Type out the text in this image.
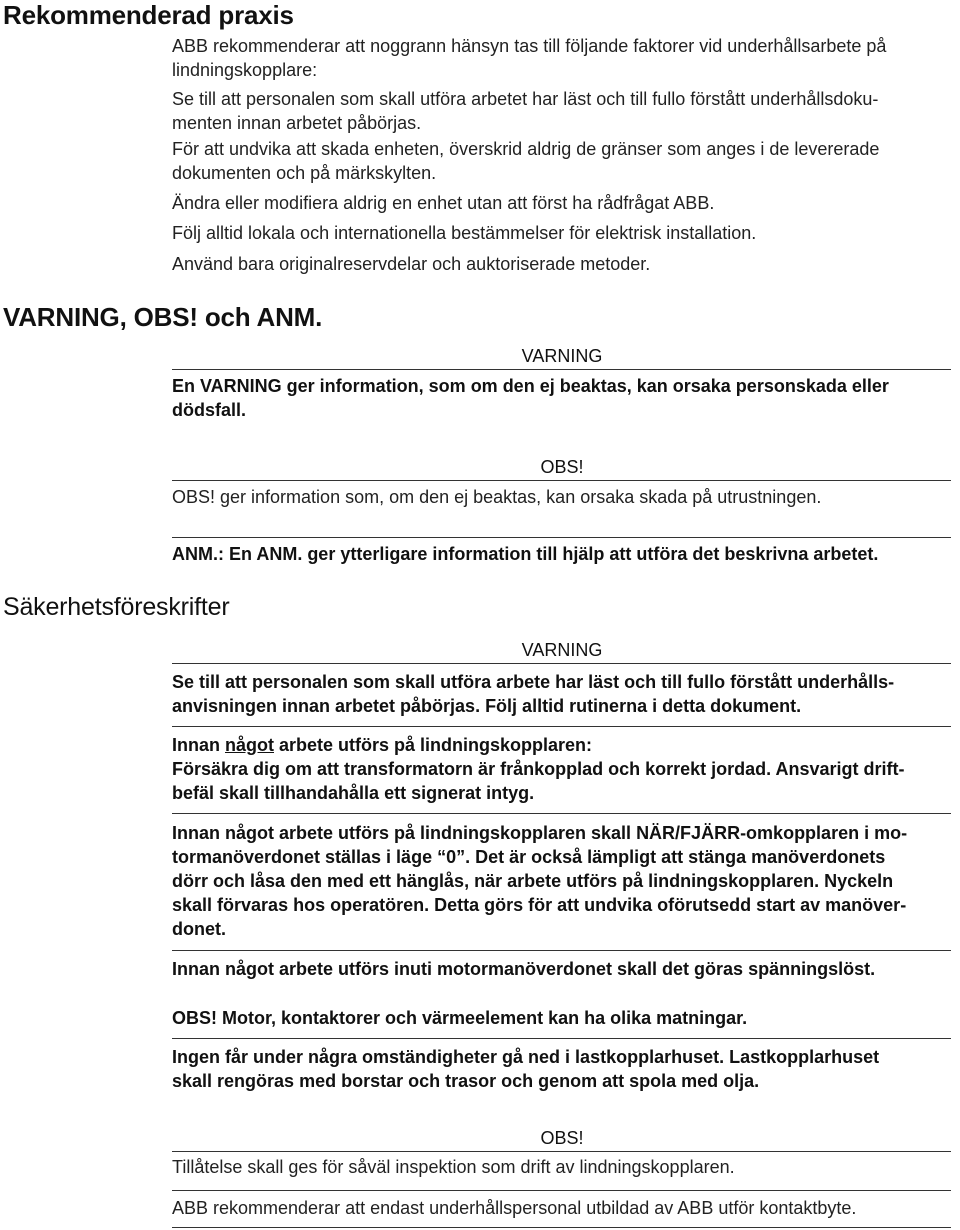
Rekommenderad praxis
VARNING, OBS! och ANM.
Säkerhetsföreskrifter

ABB rekommenderar att noggrann hänsyn tas till följande faktorer vid underhållsarbete på

lindningskopplare:

Se till att personalen som skall utföra arbetet har läst och till fullo förstått underhållsdoku-

menten innan arbetet påbörjas.

För att undvika att skada enheten, överskrid aldrig de gränser som anges i de levererade

dokumenten och på märkskylten.

Ändra eller modifiera aldrig en enhet utan att först ha rådfrågat ABB.

Följ alltid lokala och internationella bestämmelser för elektrisk installation.

Använd bara originalreservdelar och auktoriserade metoder.

VARNING

En VARNING ger information, som om den ej beaktas, kan orsaka personskada eller

dödsfall.

OBS!
OBS! ger information som, om den ej beaktas, kan orsaka skada på utrustningen.
ANM.: En ANM. ger ytterligare information till hjälp att utföra det beskrivna arbetet.
VARNING

Se till att personalen som skall utföra arbete har läst och till fullo förstått underhålls-

anvisningen innan arbetet påbörjas. Följ alltid rutinerna i detta dokument.

Innan något arbete utförs på lindningskopplaren:

Försäkra dig om att transformatorn är frånkopplad och korrekt jordad. Ansvarigt drift-

befäl skall tillhandahålla ett signerat intyg.

Innan något arbete utförs på lindningskopplaren skall NÄR/FJÄRR-omkopplaren i mo-

tormanöverdonet ställas i läge “0”. Det är också lämpligt att stänga manöverdonets

dörr och låsa den med ett hänglås, när arbete utförs på lindningskopplaren. Nyckeln

skall förvaras hos operatören. Detta görs för att undvika oförutsedd start av manöver-

donet.

Innan något arbete utförs inuti motormanöverdonet skall det göras spänningslöst.
OBS! Motor, kontaktorer och värmeelement kan ha olika matningar.

Ingen får under några omständigheter gå ned i lastkopplarhuset. Lastkopplarhuset

skall rengöras med borstar och trasor och genom att spola med olja.

OBS!
Tillåtelse skall ges för såväl inspektion som drift av lindningskopplaren.
ABB rekommenderar att endast underhållspersonal utbildad av ABB utför kontaktbyte.
